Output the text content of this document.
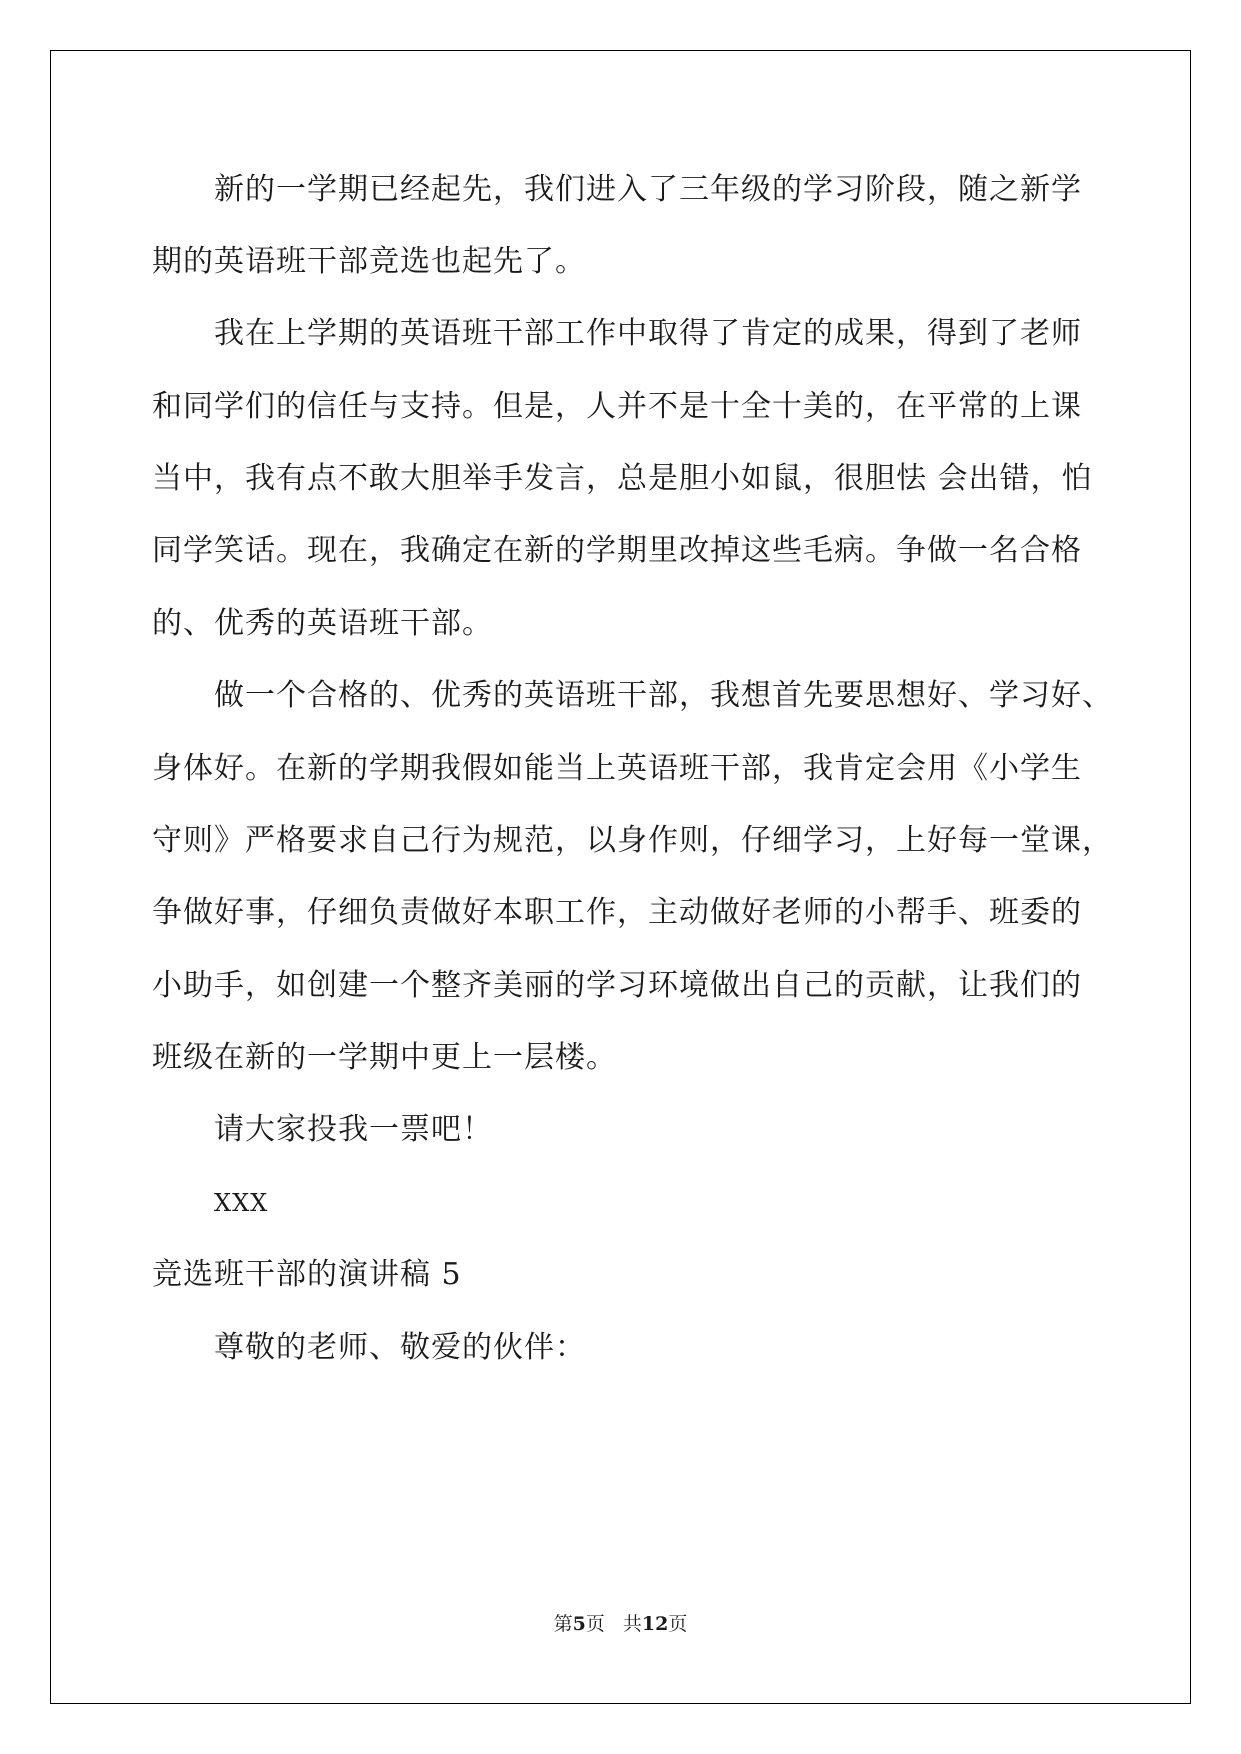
新的一学期已经起先，我们进入了三年级的学习阶段，随之新学
期的英语班干部竞选也起先了。
我在上学期的英语班干部工作中取得了肯定的成果，得到了老师
和同学们的信任与支持。但是，人并不是十全十美的，在平常的上课
当中，我有点不敢大胆举手发言，总是胆小如鼠，很胆怯 会出错，怕
同学笑话。现在，我确定在新的学期里改掉这些毛病。争做一名合格
的、优秀的英语班干部。
做一个合格的、优秀的英语班干部，我想首先要思想好、学习好、
身体好。在新的学期我假如能当上英语班干部，我肯定会用《小学生
守则》严格要求自己行为规范，以身作则，仔细学习，上好每一堂课，
争做好事，仔细负责做好本职工作，主动做好老师的小帮手、班委的
小助手，如创建一个整齐美丽的学习环境做出自己的贡献，让我们的
班级在新的一学期中更上一层楼。
请大家投我一票吧！
XXX
竞选班干部的演讲稿 5
尊敬的老师、敬爱的伙伴：
第5页 共12页
